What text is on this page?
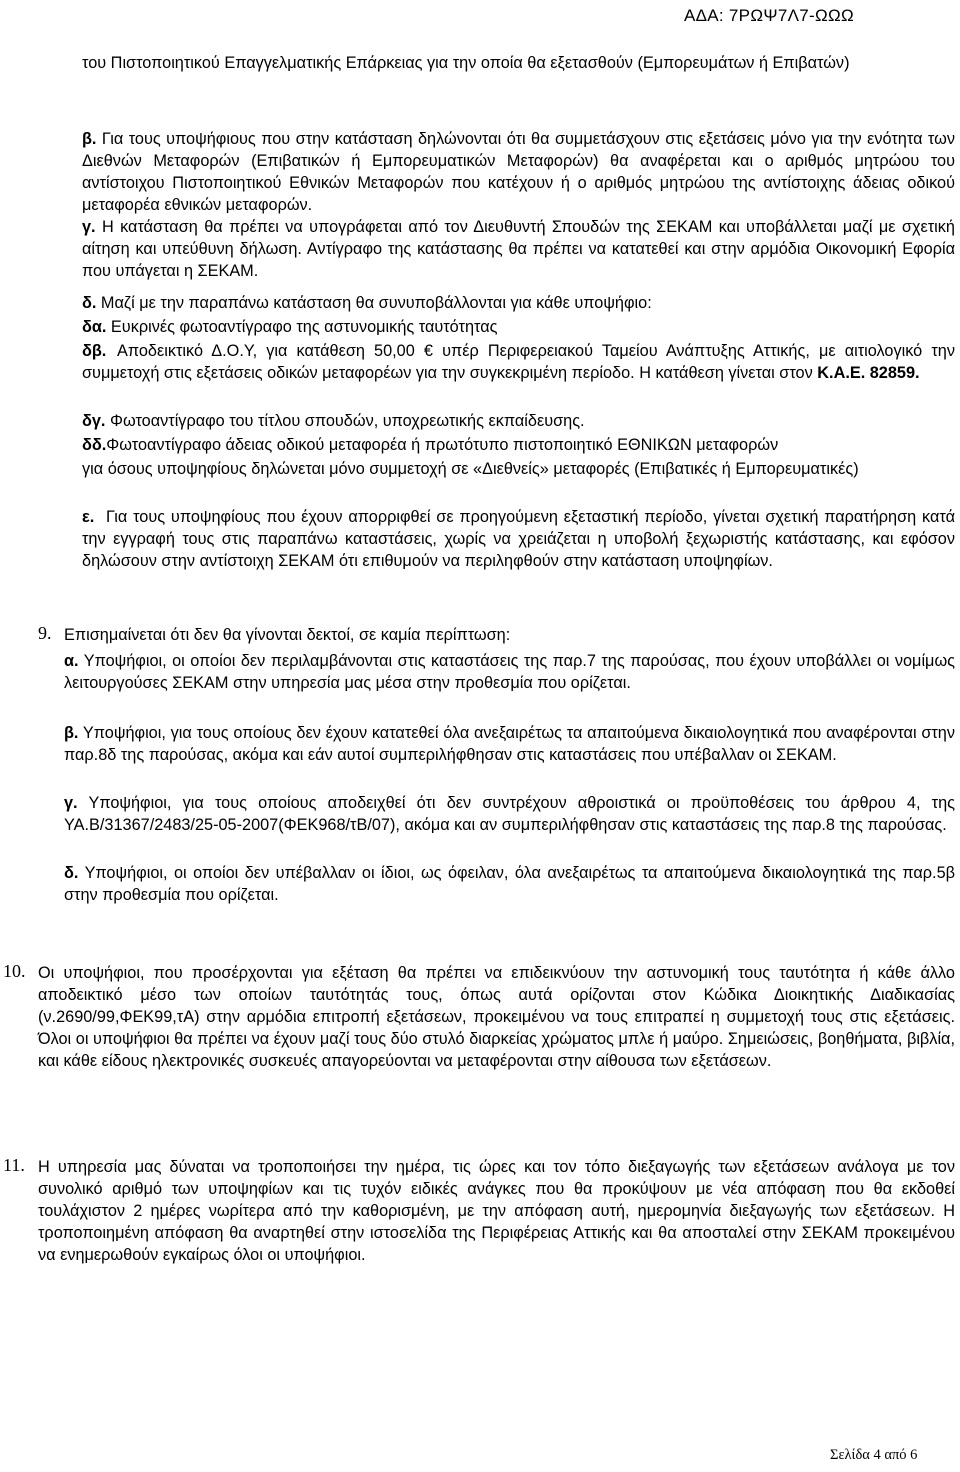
ΑΔΑ: 7ΡΩΨ7Λ7-ΩΩΩ
του Πιστοποιητικού Επαγγελματικής Επάρκειας για την οποία θα εξετασθούν (Εμπορευμάτων ή Επιβατών)
β. Για τους υποψήφιους που στην κατάσταση δηλώνονται ότι θα συμμετάσχουν στις εξετάσεις μόνο για την ενότητα των Διεθνών Μεταφορών (Επιβατικών ή Εμπορευματικών Μεταφορών) θα αναφέρεται και ο αριθμός μητρώου του αντίστοιχου Πιστοποιητικού Εθνικών Μεταφορών που κατέχουν ή ο αριθμός μητρώου της αντίστοιχης άδειας οδικού μεταφορέα εθνικών μεταφορών.
γ. Η κατάσταση θα πρέπει να υπογράφεται από τον Διευθυντή Σπουδών της ΣΕΚΑΜ και υποβάλλεται μαζί με σχετική αίτηση και υπεύθυνη δήλωση. Αντίγραφο της κατάστασης θα πρέπει να κατατεθεί και στην αρμόδια Οικονομική Εφορία που υπάγεται η ΣΕΚΑΜ.
δ. Μαζί με την παραπάνω κατάσταση θα συνυποβάλλονται για κάθε υποψήφιο:
δα. Ευκρινές φωτοαντίγραφο της αστυνομικής ταυτότητας
δβ. Αποδεικτικό Δ.Ο.Υ, για κατάθεση 50,00 € υπέρ Περιφερειακού Ταμείου Ανάπτυξης Αττικής, με αιτιολογικό την συμμετοχή στις εξετάσεις οδικών μεταφορέων για την συγκεκριμένη περίοδο. Η κατάθεση γίνεται στον Κ.Α.Ε. 82859.
δγ. Φωτοαντίγραφο του τίτλου σπουδών, υποχρεωτικής εκπαίδευσης.
δδ.Φωτοαντίγραφο άδειας οδικού μεταφορέα ή πρωτότυπο πιστοποιητικό ΕΘΝΙΚΩΝ μεταφορών
για όσους υποψηφίους δηλώνεται μόνο συμμετοχή σε «Διεθνείς» μεταφορές (Επιβατικές ή Εμπορευματικές)
ε. Για τους υποψηφίους που έχουν απορριφθεί σε προηγούμενη εξεταστική περίοδο, γίνεται σχετική παρατήρηση κατά την εγγραφή τους στις παραπάνω καταστάσεις, χωρίς να χρειάζεται η υποβολή ξεχωριστής κατάστασης, και εφόσον δηλώσουν στην αντίστοιχη ΣΕΚΑΜ ότι επιθυμούν να περιληφθούν στην κατάσταση υποψηφίων.
9. Επισημαίνεται ότι δεν θα γίνονται δεκτοί, σε καμία περίπτωση:
α. Υποψήφιοι, οι οποίοι δεν περιλαμβάνονται στις καταστάσεις της παρ.7 της παρούσας, που έχουν υποβάλλει οι νομίμως λειτουργούσες ΣΕΚΑΜ στην υπηρεσία μας μέσα στην προθεσμία που ορίζεται.
β. Υποψήφιοι, για τους οποίους δεν έχουν κατατεθεί όλα ανεξαιρέτως τα απαιτούμενα δικαιολογητικά που αναφέρονται στην παρ.8δ της παρούσας, ακόμα και εάν αυτοί συμπεριλήφθησαν στις καταστάσεις που υπέβαλλαν οι ΣΕΚΑΜ.
γ. Υποψήφιοι, για τους οποίους αποδειχθεί ότι δεν συντρέχουν αθροιστικά οι προϋποθέσεις του άρθρου 4, της ΥΑ.Β/31367/2483/25-05-2007(ΦΕΚ968/τΒ/07), ακόμα και αν συμπεριλήφθησαν στις καταστάσεις της παρ.8 της παρούσας.
δ. Υποψήφιοι, οι οποίοι δεν υπέβαλλαν οι ίδιοι, ως όφειλαν, όλα ανεξαιρέτως τα απαιτούμενα δικαιολογητικά της παρ.5β στην προθεσμία που ορίζεται.
10. Οι υποψήφιοι, που προσέρχονται για εξέταση θα πρέπει να επιδεικνύουν την αστυνομική τους ταυτότητα ή κάθε άλλο αποδεικτικό μέσο των οποίων ταυτότητάς τους, όπως αυτά ορίζονται στον Κώδικα Διοικητικής Διαδικασίας (ν.2690/99,ΦΕΚ99,τΑ) στην αρμόδια επιτροπή εξετάσεων, προκειμένου να τους επιτραπεί η συμμετοχή τους στις εξετάσεις. Όλοι οι υποψήφιοι θα πρέπει να έχουν μαζί τους δύο στυλό διαρκείας χρώματος μπλε ή μαύρο. Σημειώσεις, βοηθήματα, βιβλία, και κάθε είδους ηλεκτρονικές συσκευές απαγορεύονται να μεταφέρονται στην αίθουσα των εξετάσεων.
11. Η υπηρεσία μας δύναται να τροποποιήσει την ημέρα, τις ώρες και τον τόπο διεξαγωγής των εξετάσεων ανάλογα με τον συνολικό αριθμό των υποψηφίων και τις τυχόν ειδικές ανάγκες που θα προκύψουν με νέα απόφαση που θα εκδοθεί τουλάχιστον 2 ημέρες νωρίτερα από την καθορισμένη, με την απόφαση αυτή, ημερομηνία διεξαγωγής των εξετάσεων. Η τροποποιημένη απόφαση θα αναρτηθεί στην ιστοσελίδα της Περιφέρειας Αττικής και θα αποσταλεί στην ΣΕΚΑΜ προκειμένου να ενημερωθούν εγκαίρως όλοι οι υποψήφιοι.
Σελίδα 4 από 6
